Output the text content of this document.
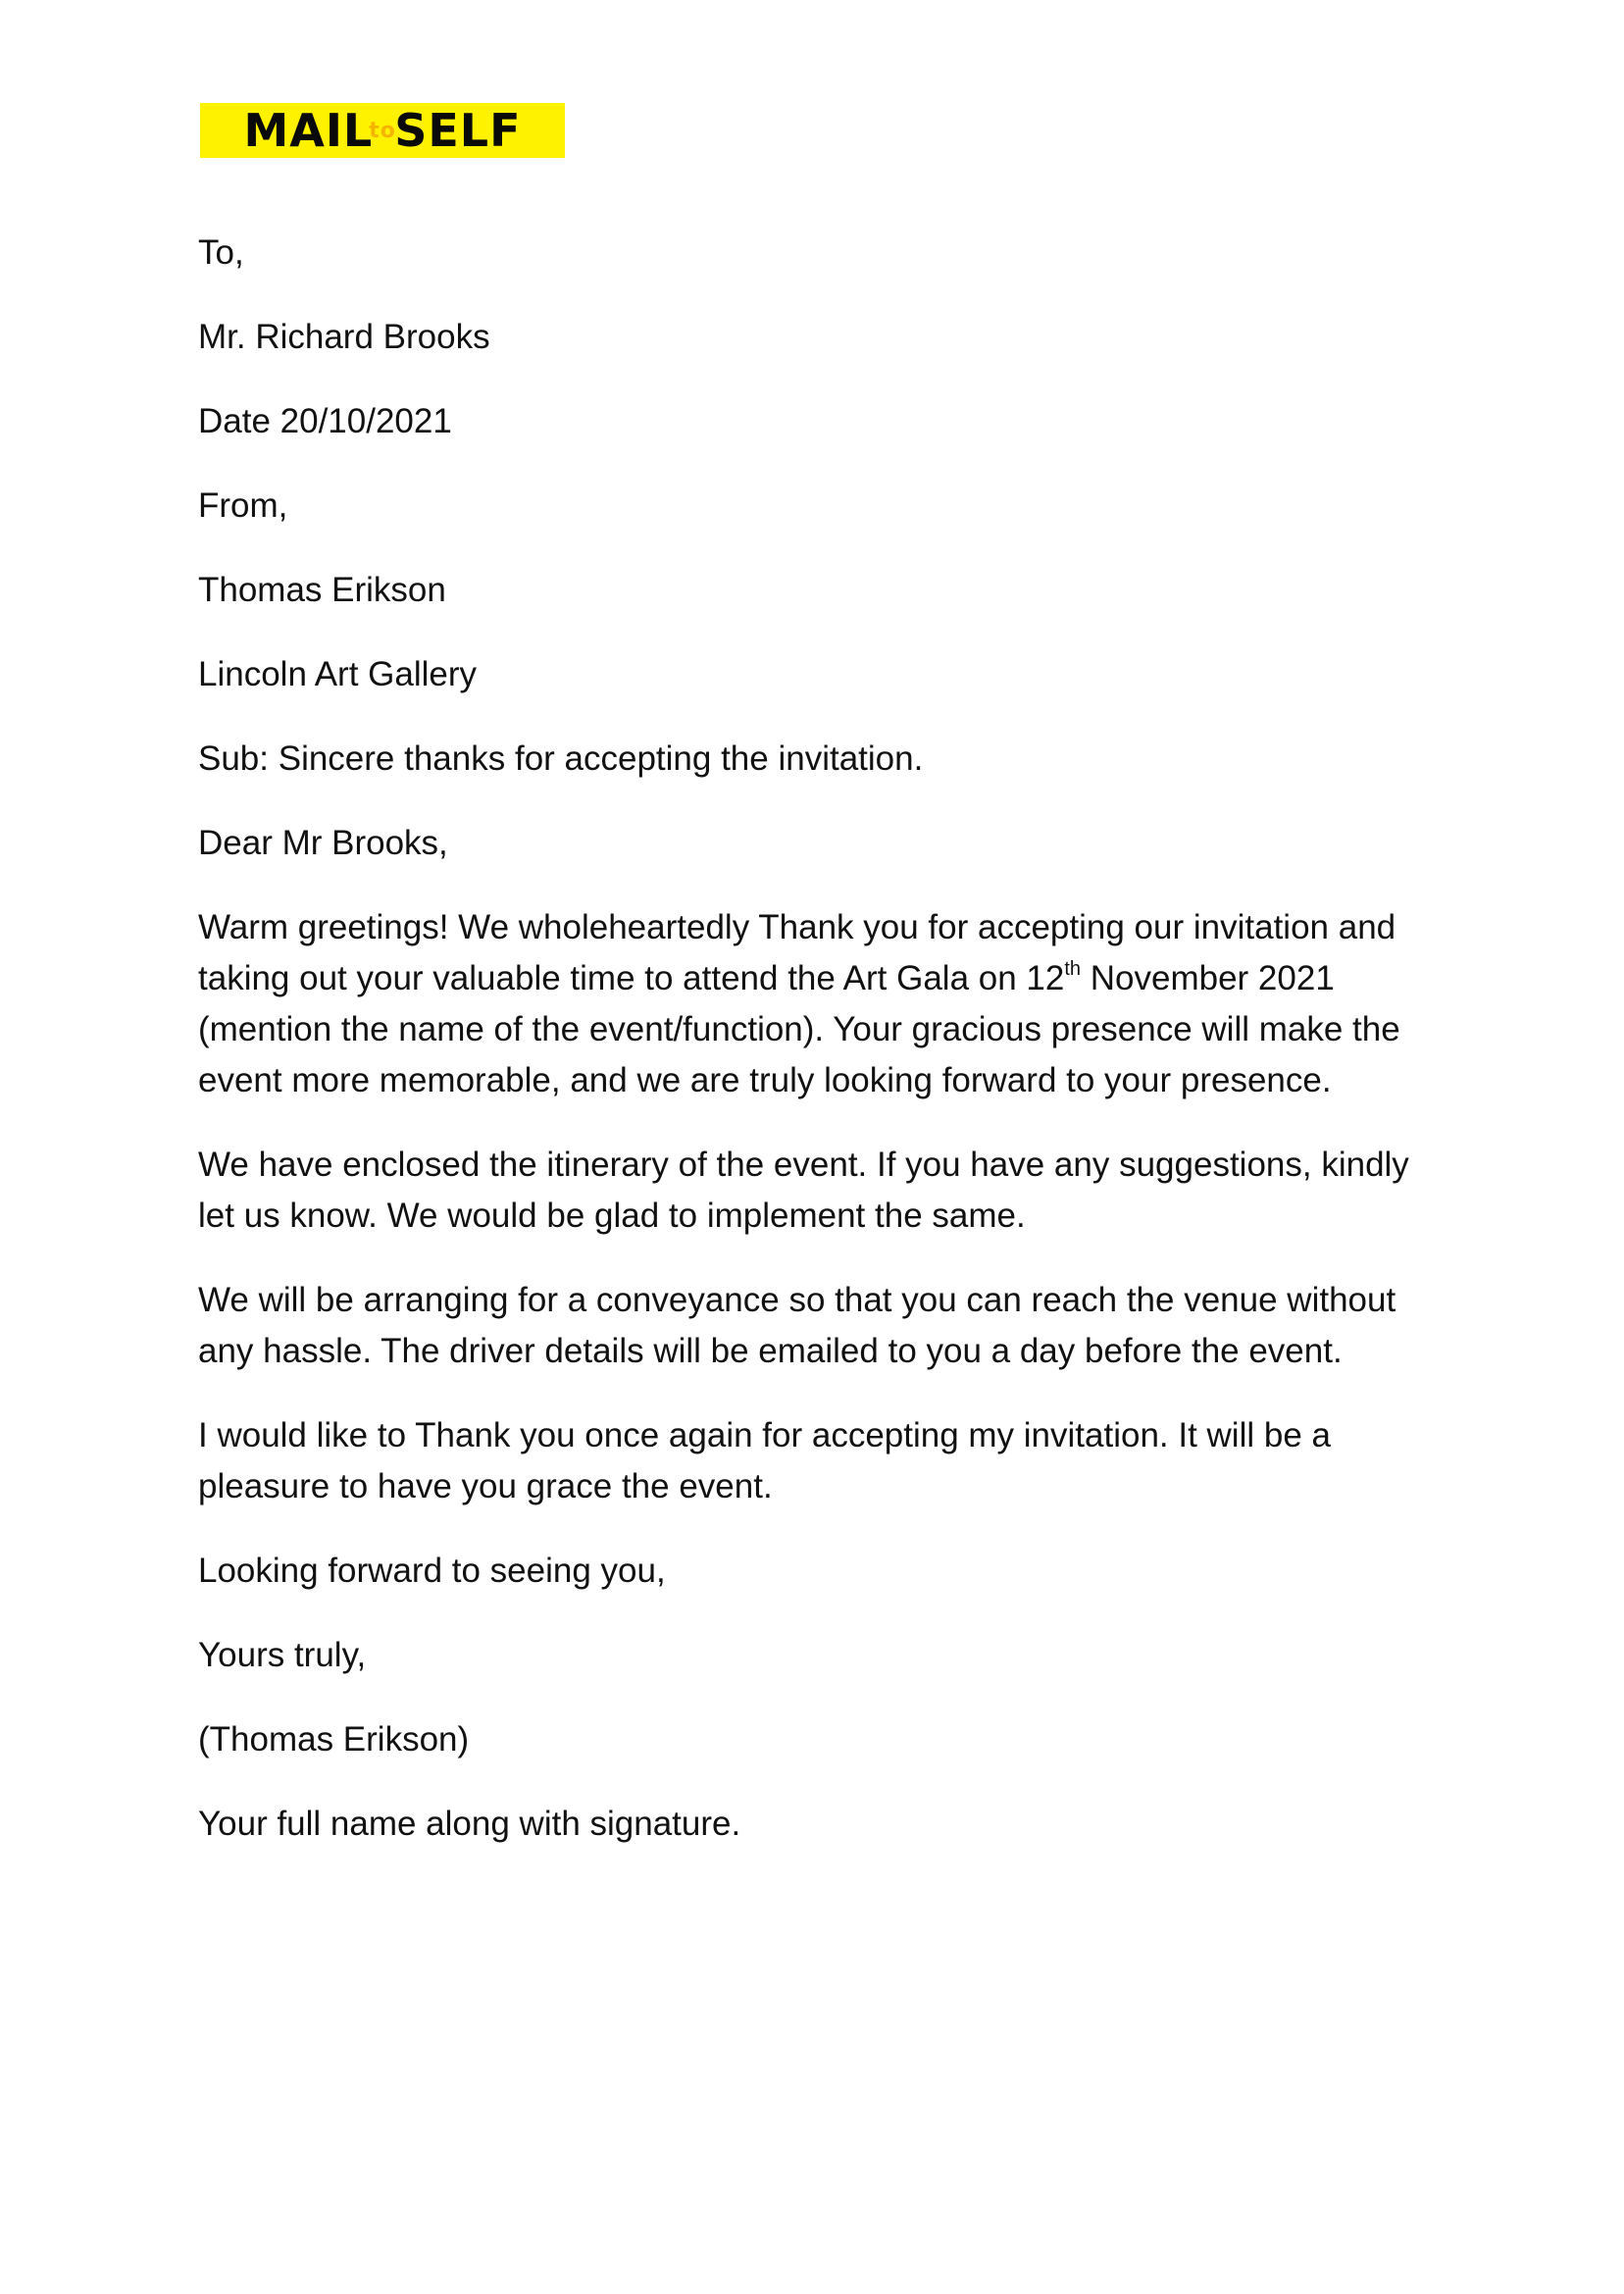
MAIL
to
SELF
To,
Mr. Richard Brooks
Date 20/10/2021
From,
Thomas Erikson
Lincoln Art Gallery
Sub: Sincere thanks for accepting the invitation.
Dear Mr Brooks,
Warm greetings! We wholeheartedly Thank you for accepting our invitation and taking out your valuable time to attend the Art Gala on 12th November 2021 (mention the name of the event/function). Your gracious presence will make the event more memorable, and we are truly looking forward to your presence.
We have enclosed the itinerary of the event. If you have any suggestions, kindly let us know. We would be glad to implement the same.
We will be arranging for a conveyance so that you can reach the venue without any hassle. The driver details will be emailed to you a day before the event.
I would like to Thank you once again for accepting my invitation. It will be a pleasure to have you grace the event.
Looking forward to seeing you,
Yours truly,
(Thomas Erikson)
Your full name along with signature.
